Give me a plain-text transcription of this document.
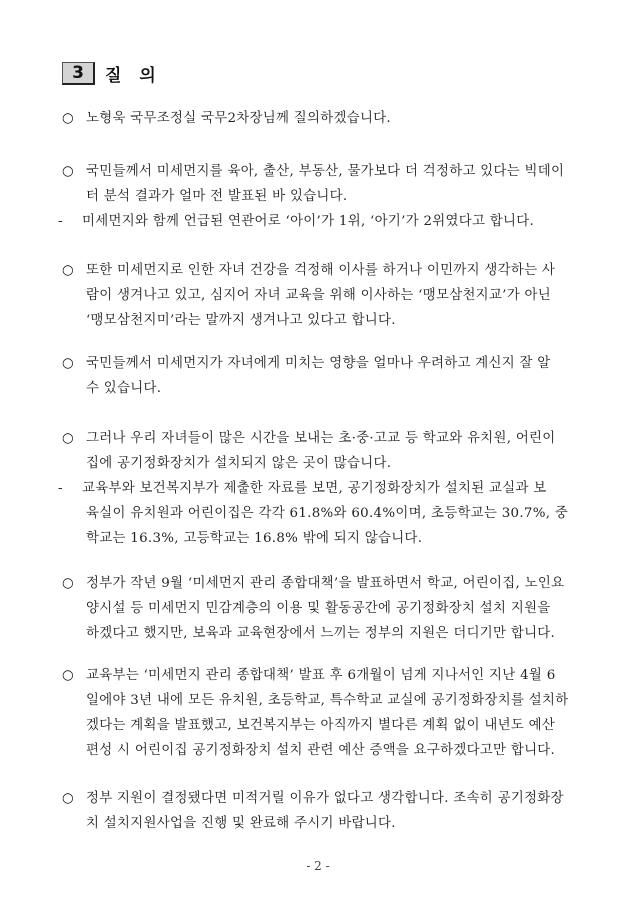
3	질 의
○ 노형욱 국무조정실 국무2차장님께 질의하겠습니다.
○ 국민들께서 미세먼지를 육아, 출산, 부동산, 물가보다 더 걱정하고 있다는 빅데이
터 분석 결과가 얼마 전 발표된 바 있습니다.
- 미세먼지와 함께 언급된 연관어로 ‘아이’가 1위, ‘아기’가 2위였다고 합니다.
○ 또한 미세먼지로 인한 자녀 건강을 걱정해 이사를 하거나 이민까지 생각하는 사
람이 생겨나고 있고, 심지어 자녀 교육을 위해 이사하는 ‘맹모삼천지교’가 아닌
‘맹모삼천지미’라는 말까지 생겨나고 있다고 합니다.
○ 국민들께서 미세먼지가 자녀에게 미치는 영향을 얼마나 우려하고 계신지 잘 알
수 있습니다.
○ 그러나 우리 자녀들이 많은 시간을 보내는 초·중·고교 등 학교와 유치원, 어린이
집에 공기정화장치가 설치되지 않은 곳이 많습니다.
- 교육부와 보건복지부가 제출한 자료를 보면, 공기정화장치가 설치된 교실과 보
육실이 유치원과 어린이집은 각각 61.8%와 60.4%이며, 초등학교는 30.7%, 중
학교는 16.3%, 고등학교는 16.8% 밖에 되지 않습니다.
○ 정부가 작년 9월 ‘미세먼지 관리 종합대책’을 발표하면서 학교, 어린이집, 노인요
양시설 등 미세먼지 민감계층의 이용 및 활동공간에 공기정화장치 설치 지원을
하겠다고 했지만, 보육과 교육현장에서 느끼는 정부의 지원은 더디기만 합니다.
○ 교육부는 ‘미세먼지 관리 종합대책’ 발표 후 6개월이 넘게 지나서인 지난 4월 6
일에야 3년 내에 모든 유치원, 초등학교, 특수학교 교실에 공기정화장치를 설치하
겠다는 계획을 발표했고, 보건복지부는 아직까지 별다른 계획 없이 내년도 예산
편성 시 어린이집 공기정화장치 설치 관련 예산 증액을 요구하겠다고만 합니다.
○ 정부 지원이 결정됐다면 미적거릴 이유가 없다고 생각합니다. 조속히 공기정화장
치 설치지원사업을 진행 및 완료해 주시기 바랍니다.
- 2 -
